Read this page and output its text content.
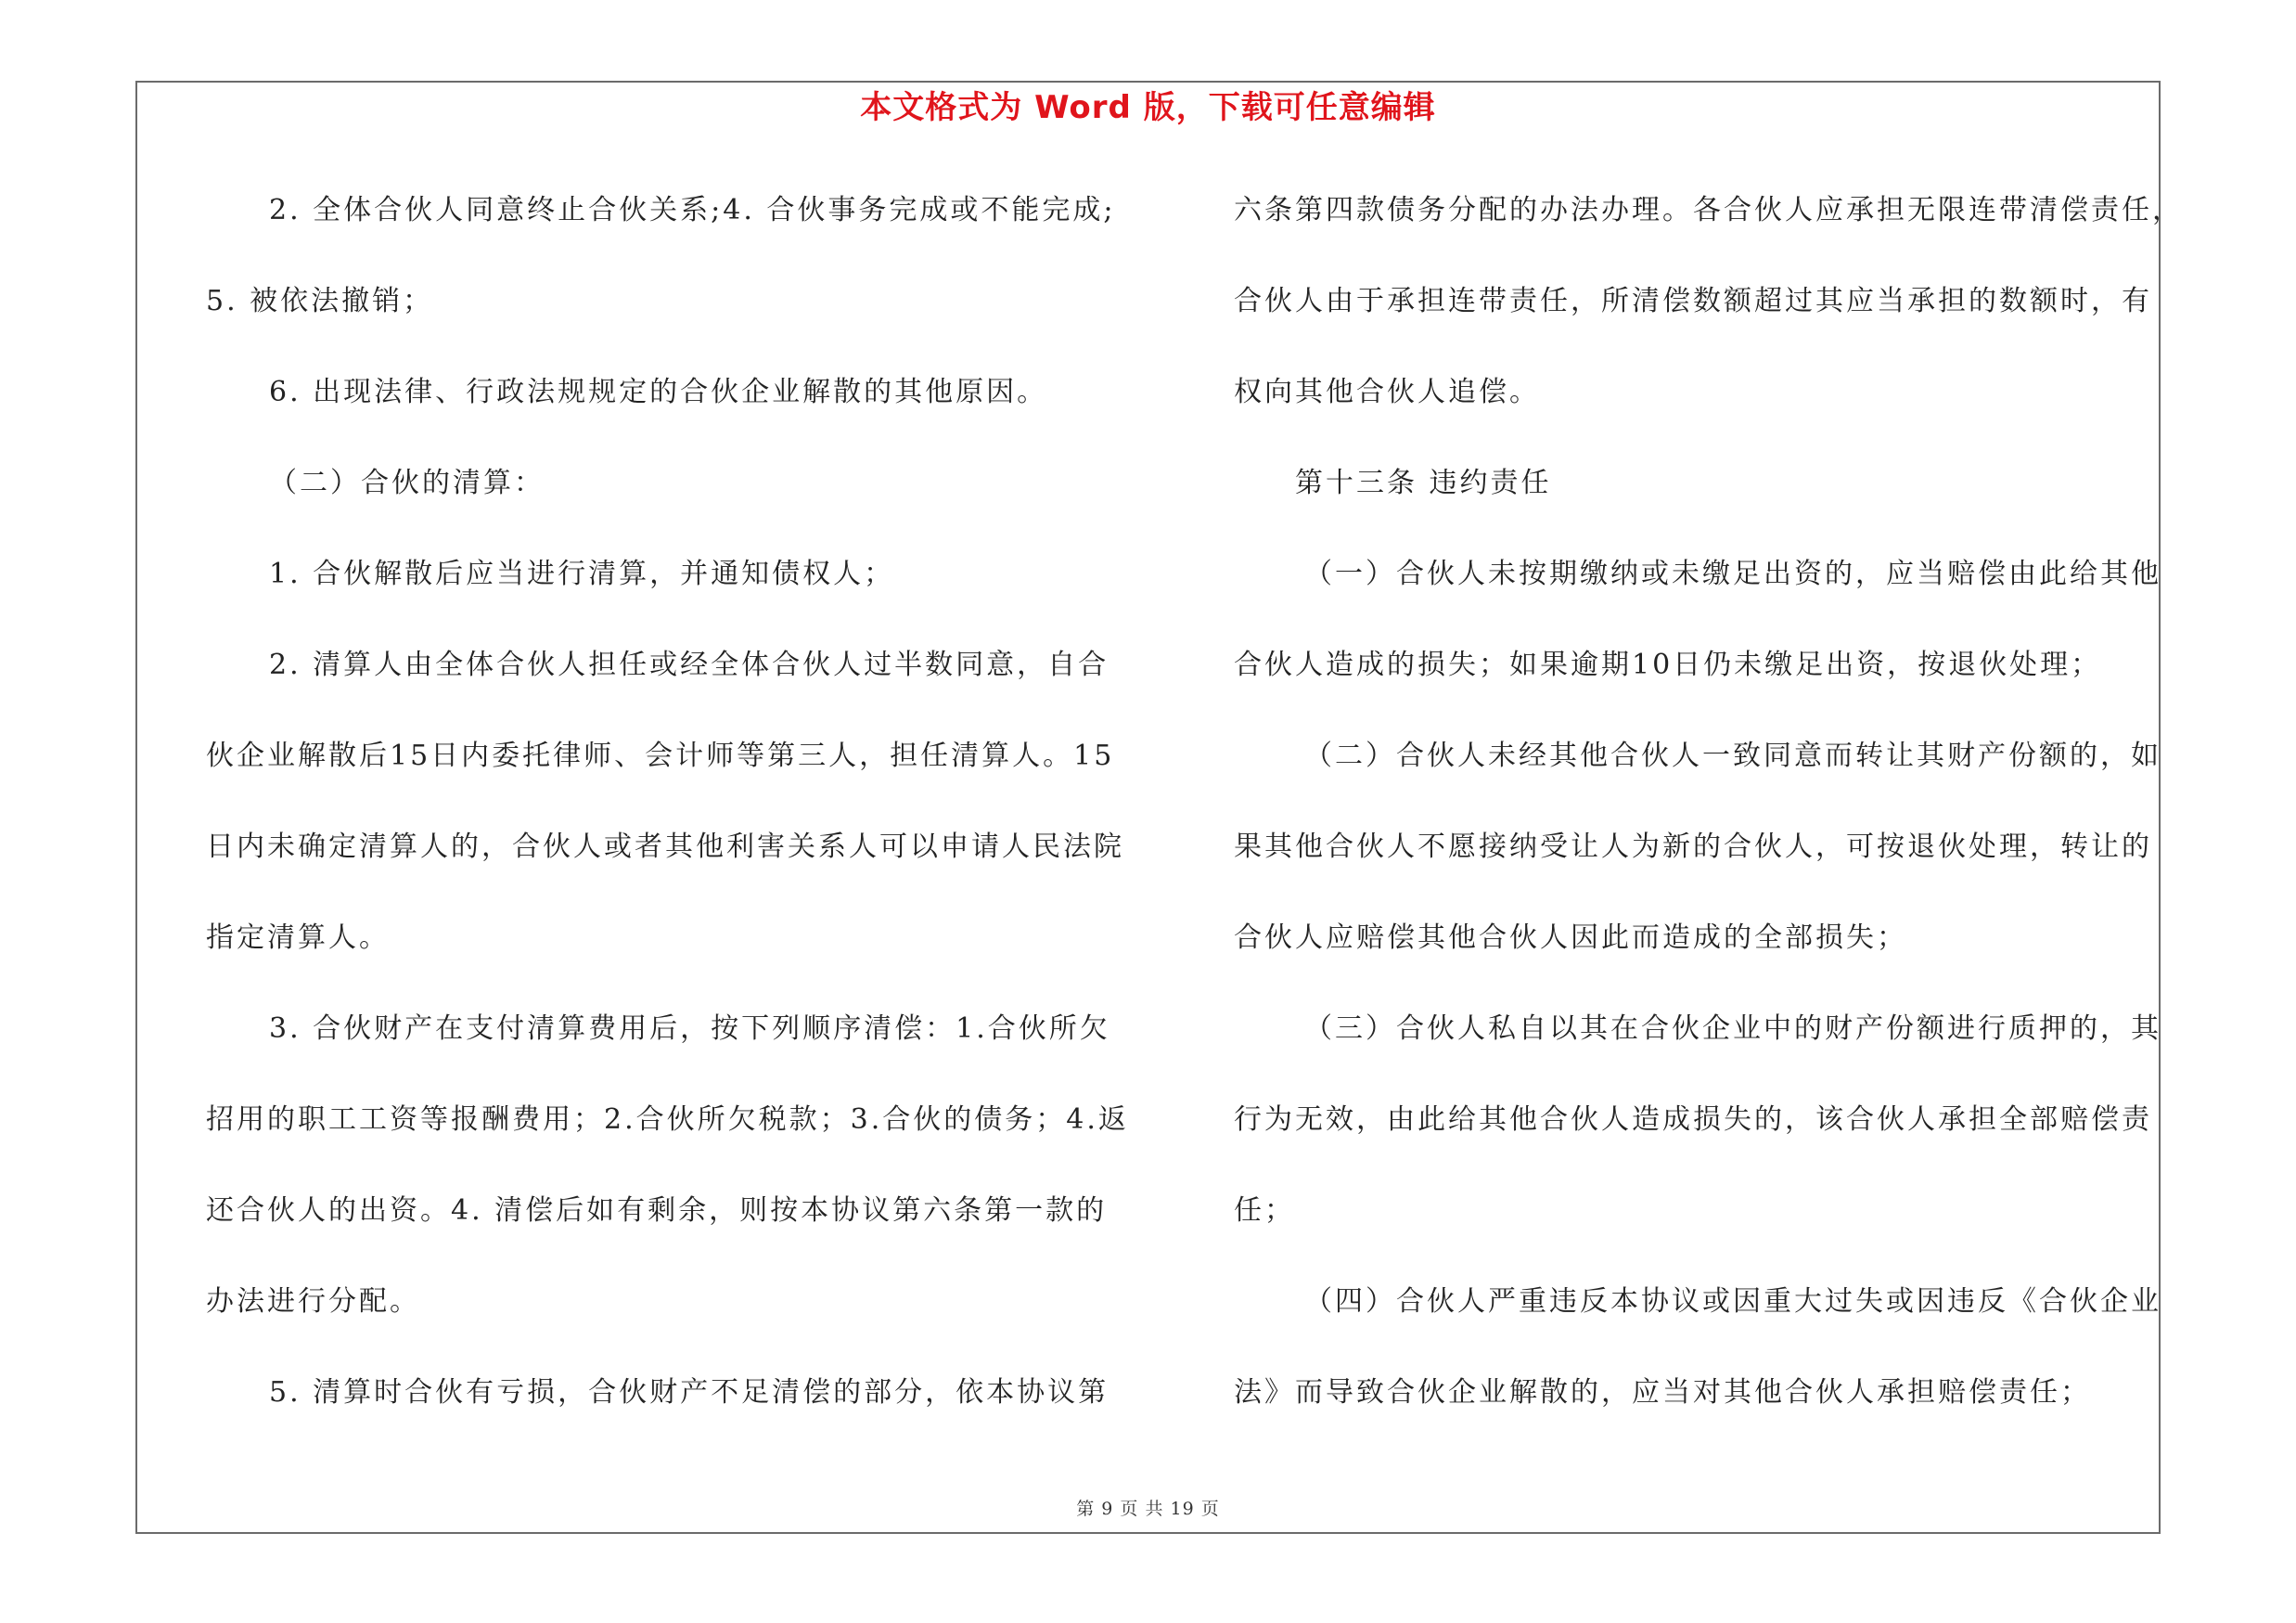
本文格式为 Word 版，下载可任意编辑
2. 全体合伙人同意终止合伙关系;4. 合伙事务完成或不能完成;
5. 被依法撤销；
6. 出现法律、行政法规规定的合伙企业解散的其他原因。
（二）合伙的清算：
1. 合伙解散后应当进行清算，并通知债权人；
2. 清算人由全体合伙人担任或经全体合伙人过半数同意，自合
伙企业解散后15日内委托律师、会计师等第三人，担任清算人。15
日内未确定清算人的，合伙人或者其他利害关系人可以申请人民法院
指定清算人。
3. 合伙财产在支付清算费用后，按下列顺序清偿：1.合伙所欠
招用的职工工资等报酬费用；2.合伙所欠税款；3.合伙的债务；4.返
还合伙人的出资。4. 清偿后如有剩余，则按本协议第六条第一款的
办法进行分配。
5. 清算时合伙有亏损，合伙财产不足清偿的部分，依本协议第
六条第四款债务分配的办法办理。各合伙人应承担无限连带清偿责任，
合伙人由于承担连带责任，所清偿数额超过其应当承担的数额时，有
权向其他合伙人追偿。
第十三条 违约责任
（一）合伙人未按期缴纳或未缴足出资的，应当赔偿由此给其他
合伙人造成的损失；如果逾期10日仍未缴足出资，按退伙处理；
（二）合伙人未经其他合伙人一致同意而转让其财产份额的，如
果其他合伙人不愿接纳受让人为新的合伙人，可按退伙处理，转让的
合伙人应赔偿其他合伙人因此而造成的全部损失；
（三）合伙人私自以其在合伙企业中的财产份额进行质押的，其
行为无效，由此给其他合伙人造成损失的，该合伙人承担全部赔偿责
任；
（四）合伙人严重违反本协议或因重大过失或因违反《合伙企业
法》而导致合伙企业解散的，应当对其他合伙人承担赔偿责任；
第 9 页 共 19 页
